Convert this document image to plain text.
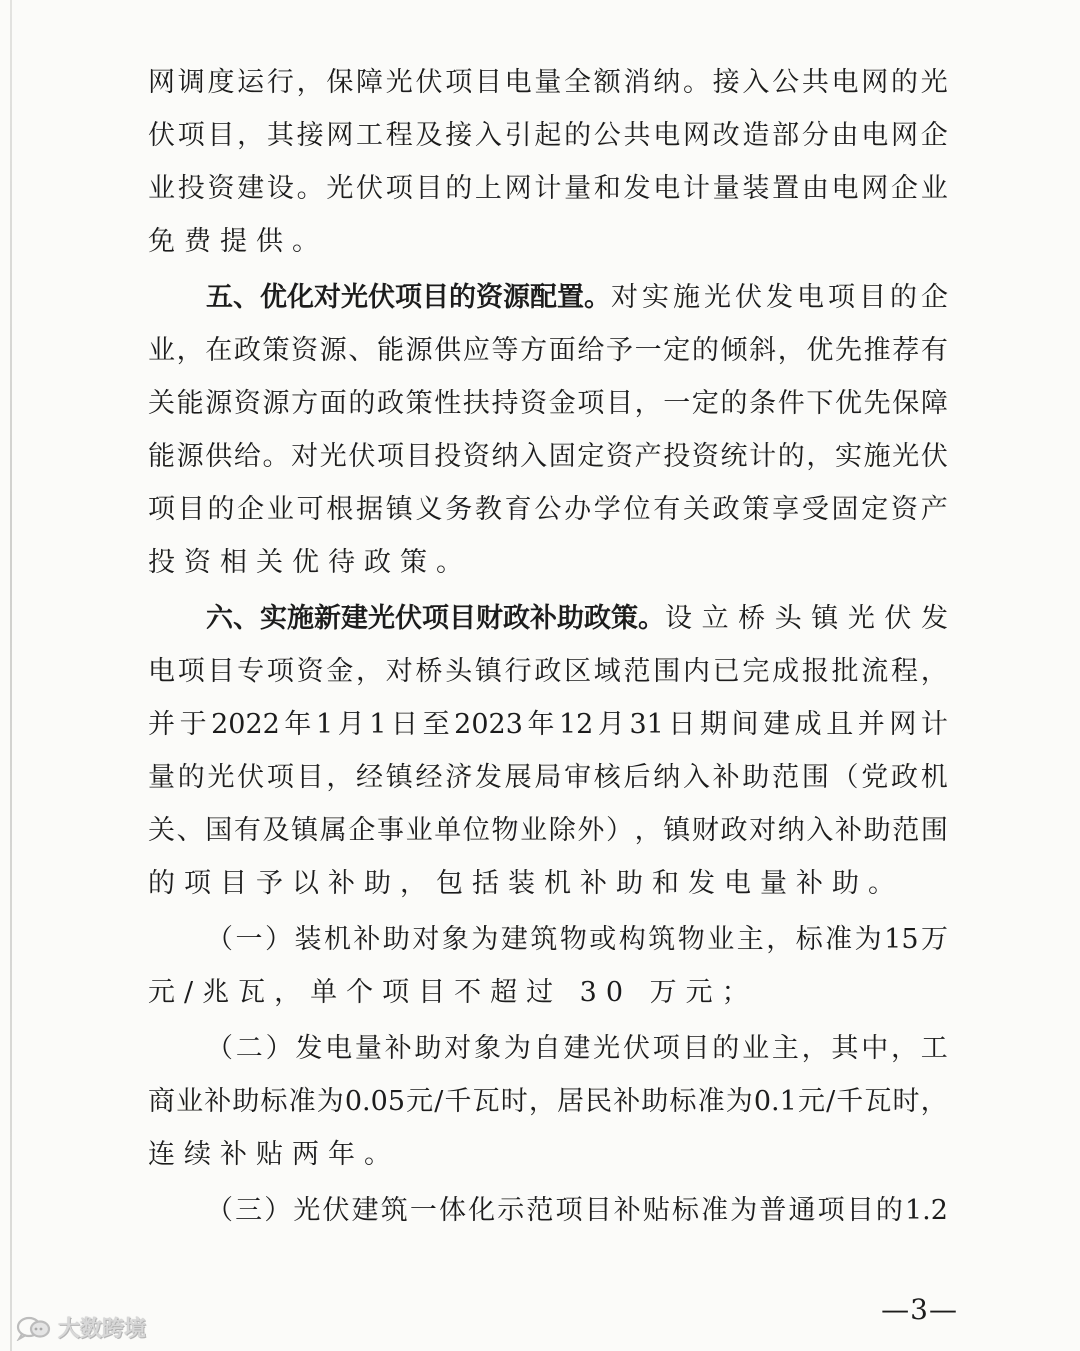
网 调 度 运 行 ， 保 障 光 伏 项 目 电 量 全 额 消 纳 。 接 入 公 共 电 网 的 光
伏 项 目 ， 其 接 网 工 程 及 接 入 引 起 的 公 共 电 网 改 造 部 分 由 电 网 企
业 投 资 建 设 。 光 伏 项 目 的 上 网 计 量 和 发 电 计 量 装 置 由 电 网 企 业
免费提供。
五、优化对光伏项目的资源配置。 对 实 施 光 伏 发 电 项 目 的 企
业 ， 在 政 策 资 源 、 能 源 供 应 等 方 面 给 予 一 定 的 倾 斜 ， 优 先 推 荐 有
关 能 源 资 源 方 面 的 政 策 性 扶 持 资 金 项 目 ， 一 定 的 条 件 下 优 先 保 障
能 源 供 给 。 对 光 伏 项 目 投 资 纳 入 固 定 资 产 投 资 统 计 的 ， 实 施 光 伏
项 目 的 企 业 可 根 据 镇 义 务 教 育 公 办 学 位 有 关 政 策 享 受 固 定 资 产
投资相关优待政策。
六、实施新建光伏项目财政补助政策。 设 立 桥 头 镇 光 伏 发
电 项 目 专 项 资 金 ， 对 桥 头 镇 行 政 区 域 范 围 内 已 完 成 报 批 流 程 ，
并 于 2022 年 1 月 1 日 至 2023 年 12 月 31 日 期 间 建 成 且 并 网 计
量 的 光 伏 项 目 ， 经 镇 经 济 发 展 局 审 核 后 纳 入 补 助 范 围 （ 党 政 机
关 、 国 有 及 镇 属 企 事 业 单 位 物 业 除 外 ） ， 镇 财 政 对 纳 入 补 助 范 围
的项目予以补助，包括装机补助和发电量补助。
（ 一 ） 装 机 补 助 对 象 为 建 筑 物 或 构 筑 物 业 主 ， 标 准 为 15 万
元/兆瓦，单个项目不超过 30 万元；
（ 二 ） 发 电 量 补 助 对 象 为 自 建 光 伏 项 目 的 业 主 ， 其 中 ， 工
商 业 补 助 标 准 为 0.05 元 / 千 瓦 时 ， 居 民 补 助 标 准 为 0.1 元 / 千 瓦 时 ，
连续补贴两年。
（ 三 ） 光 伏 建 筑 一 体 化 示 范 项 目 补 贴 标 准 为 普 通 项 目 的 1.2
—3—
大数跨境
